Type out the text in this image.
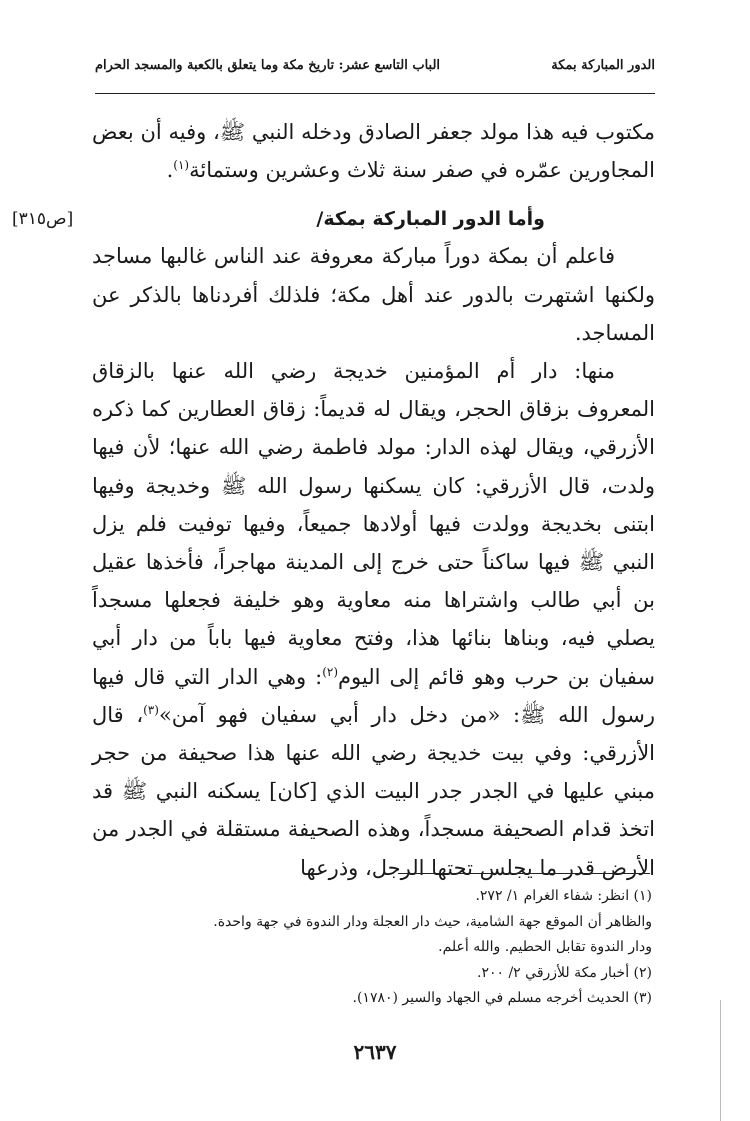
الدور المباركة بمكة
الباب التاسع عشر: تاريخ مكة وما يتعلق بالكعبة والمسجد الحرام

مكتوب فيه هذا مولد جعفر الصادق ودخله النبي ﷺ، وفيه أن بعض المجاورين عمّره في صفر سنة ثلاث وعشرين وستمائة$^{(١)}$.

وأما الدور المباركة بمكة/
[ص٣١٥]

فاعلم أن بمكة دوراً مباركة معروفة عند الناس غالبها مساجد ولكنها اشتهرت بالدور عند أهل مكة؛ فلذلك أفردناها بالذكر عن المساجد.

منها: دار أم المؤمنين خديجة رضي الله عنها بالزقاق المعروف بزقاق الحجر، ويقال له قديماً: زقاق العطارين كما ذكره الأزرقي، ويقال لهذه الدار: مولد فاطمة رضي الله عنها؛ لأن فيها ولدت، قال الأزرقي: كان يسكنها رسول الله ﷺ وخديجة وفيها ابتنى بخديجة وولدت فيها أولادها جميعاً، وفيها توفيت فلم يزل النبي ﷺ فيها ساكناً حتى خرج إلى المدينة مهاجراً، فأخذها عقيل بن أبي طالب واشتراها منه معاوية وهو خليفة فجعلها مسجداً يصلي فيه، وبناها بنائها هذا، وفتح معاوية فيها باباً من دار أبي سفيان بن حرب وهو قائم إلى اليوم$^{(٢)}$: وهي الدار التي قال فيها رسول الله ﷺ: «من دخل دار أبي سفيان فهو آمن»$^{(٣)}$، قال الأزرقي: وفي بيت خديجة رضي الله عنها هذا صحيفة من حجر مبني عليها في الجدر جدر البيت الذي [كان] يسكنه النبي ﷺ قد اتخذ قدام الصحيفة مسجداً، وهذه الصحيفة مستقلة في الجدر من الأرض قدر ما يجلس تحتها الرجل، وذرعها

(١) انظر: شفاء الغرام ١/ ٢٧٢.

والظاهر أن الموقع جهة الشامية، حيث دار العجلة ودار الندوة في جهة واحدة.

ودار الندوة تقابل الحطيم. والله أعلم.

(٢) أخبار مكة للأزرقي ٢/ ٢٠٠.

(٣) الحديث أخرجه مسلم في الجهاد والسير (١٧٨٠).

٢٦٣٧
